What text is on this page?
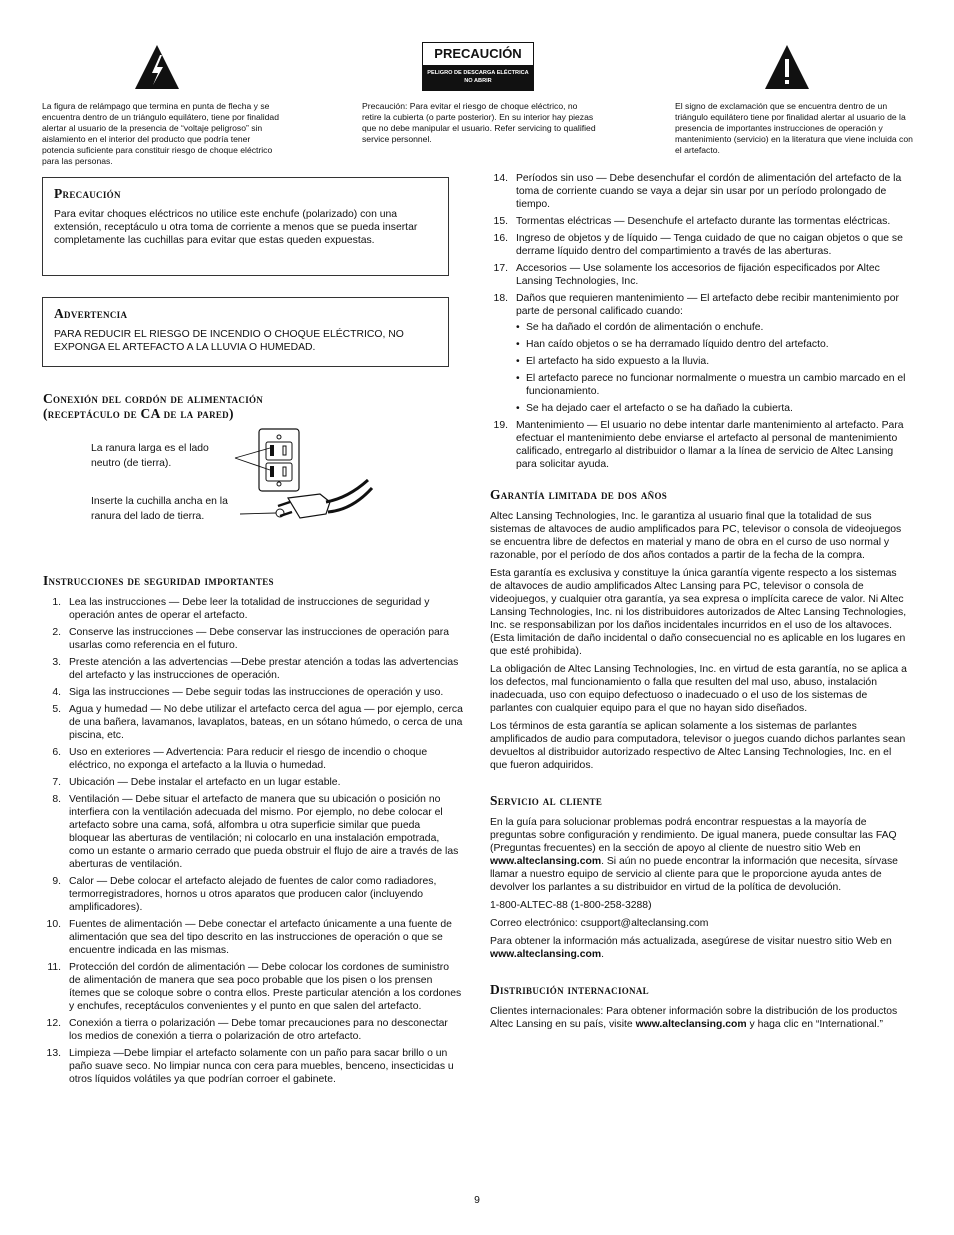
La figura de relámpago que termina en punta de flecha y se encuentra dentro de un triángulo equilátero, tiene por finalidad alertar al usuario de la presencia de “voltaje peligroso” sin aislamiento en el interior del producto que podría tener potencia suficiente para constituir riesgo de choque eléctrico para las personas.
PRECAUCIÓN
PELIGRO DE DESCARGA ELÉCTRICA
NO ABRIR
Precaución: Para evitar el riesgo de choque eléctrico, no retire la cubierta (o parte posterior). En su interior hay piezas que no debe manipular el usuario. Refer servicing to qualified service personnel.
El signo de exclamación que se encuentra dentro de un triángulo equilátero tiene por finalidad alertar al usuario de la presencia de importantes instrucciones de operación y mantenimiento (servicio) en la literatura que viene incluida con el artefacto.
Precaución

Para evitar choques eléctricos no utilice este enchufe (polarizado) con una extensión, receptáculo u otra toma de corriente a menos que se pueda insertar completamente las cuchillas para evitar que estas queden expuestas.

Advertencia

PARA REDUCIR EL RIESGO DE INCENDIO O CHOQUE ELÉCTRICO, NO EXPONGA EL ARTEFACTO A LA LLUVIA O HUMEDAD.

Conexión del cordón de alimentación
(receptáculo de CA de la pared)
La ranura larga es el lado neutro (de tierra).
Inserte la cuchilla ancha en la ranura del lado de tierra.
Instrucciones de seguridad importantes
1. Lea las instrucciones — Debe leer la totalidad de instrucciones de seguridad y operación antes de operar el artefacto.
2. Conserve las instrucciones — Debe conservar las instrucciones de operación para usarlas como referencia en el futuro.
3. Preste atención a las advertencias —Debe prestar atención a todas las advertencias del artefacto y las instrucciones de operación.
4. Siga las instrucciones — Debe seguir todas las instrucciones de operación y uso.
5. Agua y humedad — No debe utilizar el artefacto cerca del agua — por ejemplo, cerca de una bañera, lavamanos, lavaplatos, bateas, en un sótano húmedo, o cerca de una piscina, etc.
6. Uso en exteriores — Advertencia: Para reducir el riesgo de incendio o choque eléctrico, no exponga el artefacto a la lluvia o humedad.
7. Ubicación — Debe instalar el artefacto en un lugar estable.
8. Ventilación — Debe situar el artefacto de manera que su ubicación o posición no interfiera con la ventilación adecuada del mismo. Por ejemplo, no debe colocar el artefacto sobre una cama, sofá, alfombra u otra superficie similar que pueda bloquear las aberturas de ventilación; ni colocarlo en una instalación empotrada, como un estante o armario cerrado que pueda obstruir el flujo de aire a través de las aberturas de ventilación.
9. Calor — Debe colocar el artefacto alejado de fuentes de calor como radiadores, termorregistradores, hornos u otros aparatos que producen calor (incluyendo amplificadores).
10. Fuentes de alimentación — Debe conectar el artefacto únicamente a una fuente de alimentación que sea del tipo descrito en las instrucciones de operación o que se encuentre indicada en las mismas.
11. Protección del cordón de alimentación — Debe colocar los cordones de suministro de alimentación de manera que sea poco probable que los pisen o los prensen ítemes que se coloque sobre o contra ellos. Preste particular atención a los cordones y enchufes, receptáculos convenientes y el punto en que salen del artefacto.
12. Conexión a tierra o polarización — Debe tomar precauciones para no desconectar los medios de conexión a tierra o polarización de otro artefacto.
13. Limpieza —Debe limpiar el artefacto solamente con un paño para sacar brillo o un paño suave seco. No limpiar nunca con cera para muebles, benceno, insecticidas u otros líquidos volátiles ya que podrían corroer el gabinete.
14. Períodos sin uso — Debe desenchufar el cordón de alimentación del artefacto de la toma de corriente cuando se vaya a dejar sin usar por un período prolongado de tiempo.
15. Tormentas eléctricas — Desenchufe el artefacto durante las tormentas eléctricas.
16. Ingreso de objetos y de líquido — Tenga cuidado de que no caigan objetos o que se derrame líquido dentro del compartimiento a través de las aberturas.
17. Accesorios — Use solamente los accesorios de fijación especificados por Altec Lansing Technologies, Inc.
18. Daños que requieren mantenimiento — El artefacto debe recibir mantenimiento por parte de personal calificado cuando:
• Se ha dañado el cordón de alimentación o enchufe.
• Han caído objetos o se ha derramado líquido dentro del artefacto.
• El artefacto ha sido expuesto a la lluvia.
• El artefacto parece no funcionar normalmente o muestra un cambio marcado en el funcionamiento.
• Se ha dejado caer el artefacto o se ha dañado la cubierta.
19. Mantenimiento — El usuario no debe intentar darle mantenimiento al artefacto. Para efectuar el mantenimiento debe enviarse el artefacto al personal de mantenimiento calificado, entregarlo al distribuidor o llamar a la línea de servicio de Altec Lansing para solicitar ayuda.
Garantía limitada de dos años

Altec Lansing Technologies, Inc. le garantiza al usuario final que la totalidad de sus sistemas de altavoces de audio amplificados para PC, televisor o consola de videojuegos se encuentra libre de defectos en material y mano de obra en el curso de uso normal y razonable, por el período de dos años contados a partir de la fecha de la compra.

Esta garantía es exclusiva y constituye la única garantía vigente respecto a los sistemas de altavoces de audio amplificados Altec Lansing para PC, televisor o consola de videojuegos, y cualquier otra garantía, ya sea expresa o implícita carece de valor. Ni Altec Lansing Technologies, Inc. ni los distribuidores autorizados de Altec Lansing Technologies, Inc. se responsabilizan por los daños incidentales incurridos en el uso de los altavoces. (Esta limitación de daño incidental o daño consecuencial no es aplicable en los lugares en que esté prohibida).

La obligación de Altec Lansing Technologies, Inc. en virtud de esta garantía, no se aplica a los defectos, mal funcionamiento o falla que resulten del mal uso, abuso, instalación inadecuada, uso con equipo defectuoso o inadecuado o el uso de los sistemas de parlantes con cualquier equipo para el que no hayan sido diseñados.

Los términos de esta garantía se aplican solamente a los sistemas de parlantes amplificados de audio para computadora, televisor o juegos cuando dichos parlantes sean devueltos al distribuidor autorizado respectivo de Altec Lansing Technologies, Inc. en el que fueron adquiridos.

Servicio al cliente

En la guía para solucionar problemas podrá encontrar respuestas a la mayoría de preguntas sobre configuración y rendimiento. De igual manera, puede consultar las FAQ (Preguntas frecuentes) en la sección de apoyo al cliente de nuestro sitio Web en www.alteclansing.com. Si aún no puede encontrar la información que necesita, sírvase llamar a nuestro equipo de servicio al cliente para que le proporcione ayuda antes de devolver los parlantes a su distribuidor en virtud de la política de devolución.

1-800-ALTEC-88 (1-800-258-3288)

Correo electrónico: csupport@alteclansing.com

Para obtener la información más actualizada, asegúrese de visitar nuestro sitio Web en www.alteclansing.com.

Distribución internacional

Clientes internacionales: Para obtener información sobre la distribución de los productos Altec Lansing en su país, visite www.alteclansing.com y haga clic en “International.”

9
